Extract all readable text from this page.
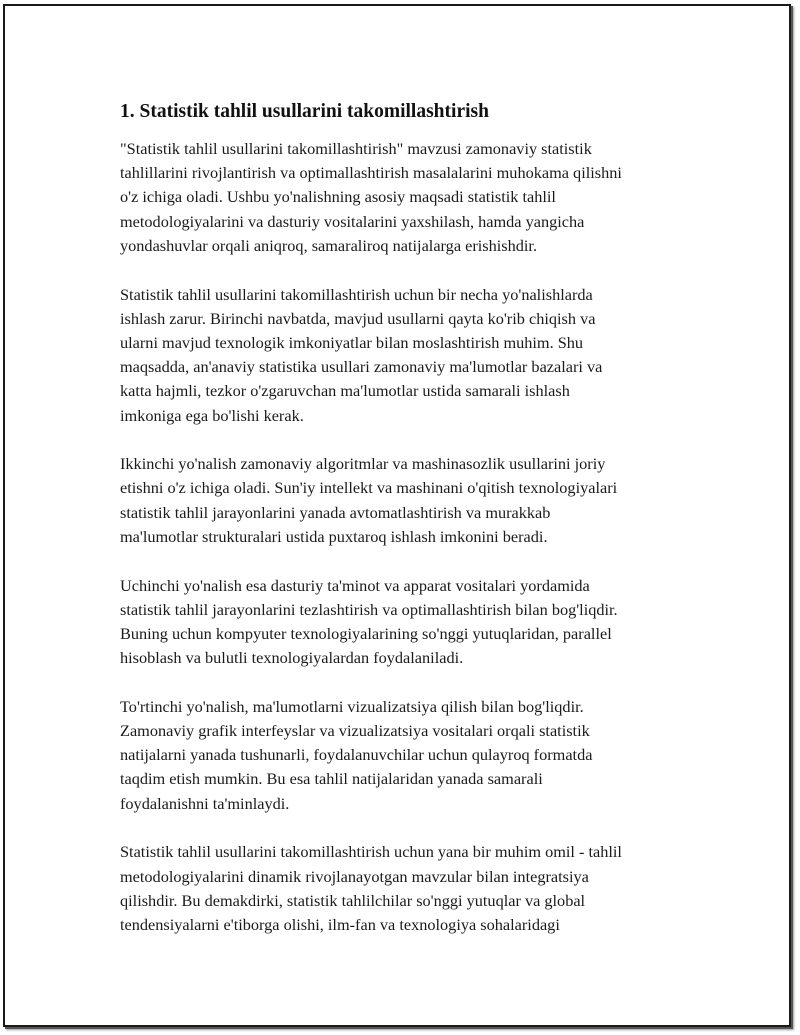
1. Statistik tahlil usullarini takomillashtirish

"Statistik tahlil usullarini takomillashtirish" mavzusi zamonaviy statistik
tahlillarini rivojlantirish va optimallashtirish masalalarini muhokama qilishni
o'z ichiga oladi. Ushbu yo'nalishning asosiy maqsadi statistik tahlil
metodologiyalarini va dasturiy vositalarini yaxshilash, hamda yangicha
yondashuvlar orqali aniqroq, samaraliroq natijalarga erishishdir.

Statistik tahlil usullarini takomillashtirish uchun bir necha yo'nalishlarda
ishlash zarur. Birinchi navbatda, mavjud usullarni qayta ko'rib chiqish va
ularni mavjud texnologik imkoniyatlar bilan moslashtirish muhim. Shu
maqsadda, an'anaviy statistika usullari zamonaviy ma'lumotlar bazalari va
katta hajmli, tezkor o'zgaruvchan ma'lumotlar ustida samarali ishlash
imkoniga ega bo'lishi kerak.

Ikkinchi yo'nalish zamonaviy algoritmlar va mashinasozlik usullarini joriy
etishni o'z ichiga oladi. Sun'iy intellekt va mashinani o'qitish texnologiyalari
statistik tahlil jarayonlarini yanada avtomatlashtirish va murakkab
ma'lumotlar strukturalari ustida puxtaroq ishlash imkonini beradi.

Uchinchi yo'nalish esa dasturiy ta'minot va apparat vositalari yordamida
statistik tahlil jarayonlarini tezlashtirish va optimallashtirish bilan bog'liqdir.
Buning uchun kompyuter texnologiyalarining so'nggi yutuqlaridan, parallel
hisoblash va bulutli texnologiyalardan foydalaniladi.

To'rtinchi yo'nalish, ma'lumotlarni vizualizatsiya qilish bilan bog'liqdir.
Zamonaviy grafik interfeyslar va vizualizatsiya vositalari orqali statistik
natijalarni yanada tushunarli, foydalanuvchilar uchun qulayroq formatda
taqdim etish mumkin. Bu esa tahlil natijalaridan yanada samarali
foydalanishni ta'minlaydi.

Statistik tahlil usullarini takomillashtirish uchun yana bir muhim omil - tahlil
metodologiyalarini dinamik rivojlanayotgan mavzular bilan integratsiya
qilishdir. Bu demakdirki, statistik tahlilchilar so'nggi yutuqlar va global
tendensiyalarni e'tiborga olishi, ilm-fan va texnologiya sohalaridagi
